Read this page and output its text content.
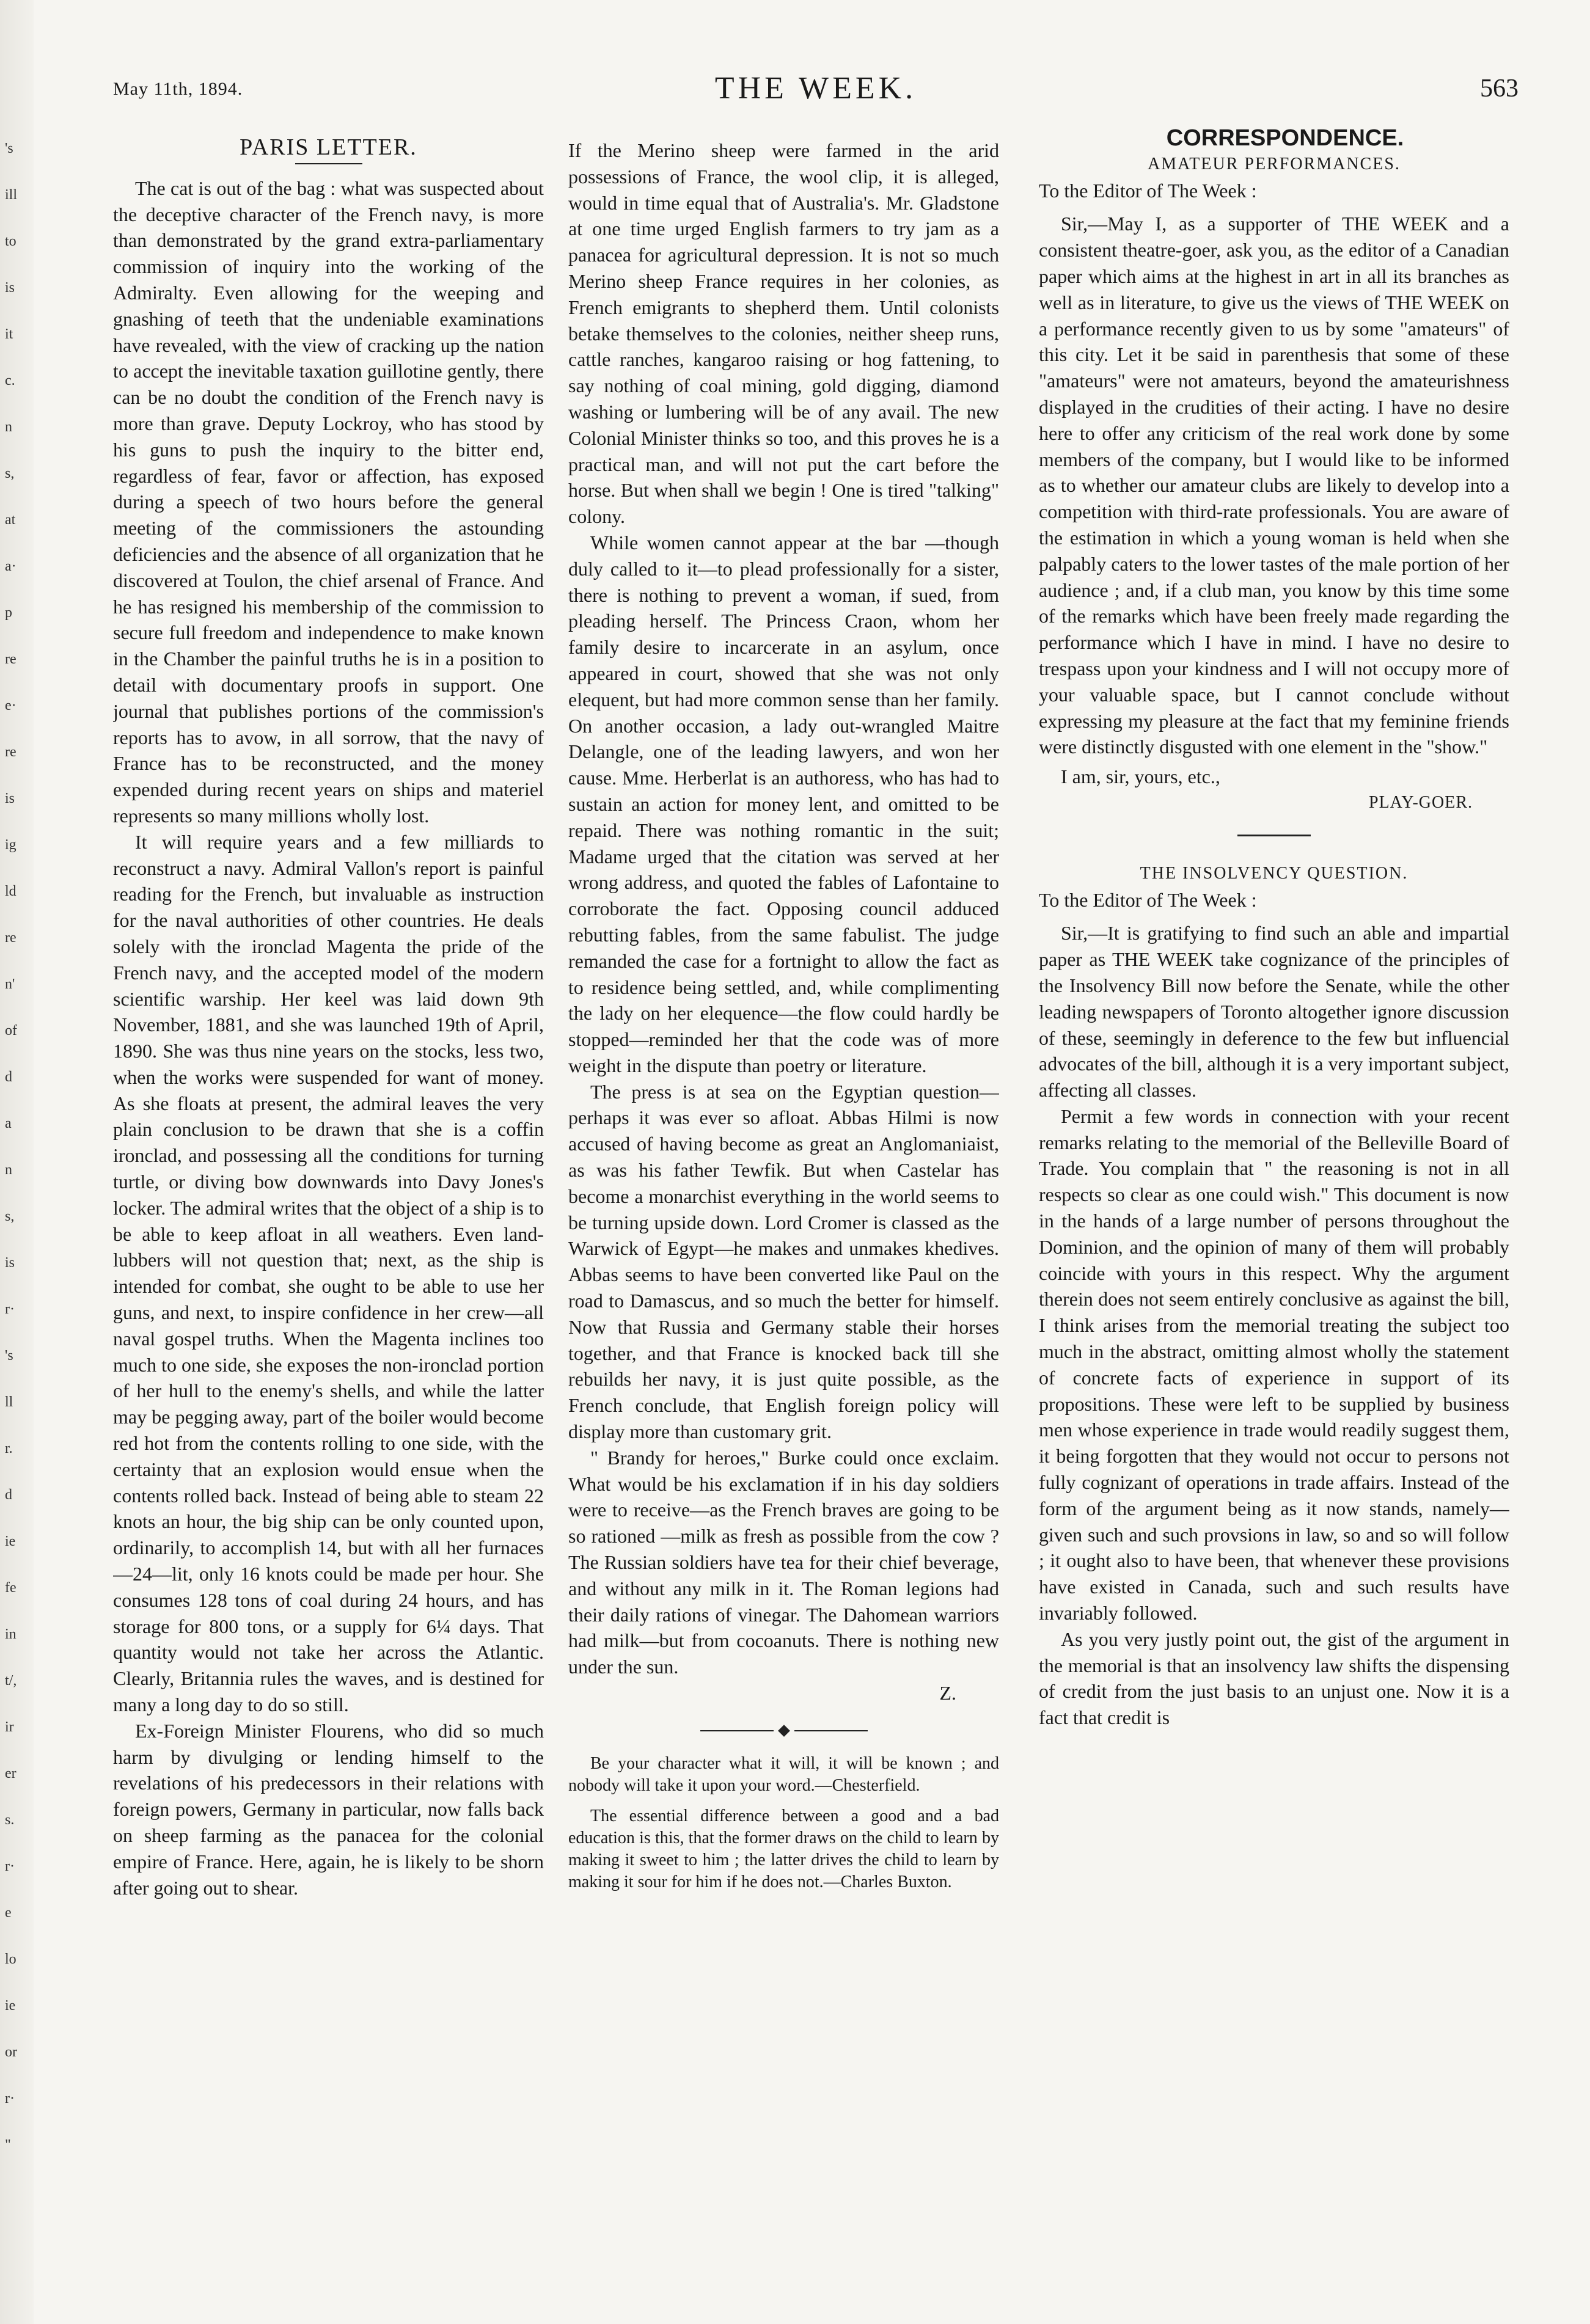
's
ill
to
is
it
c.
n
s,
at
a·
p
re
e·
re
is
ig
ld
re
n'
of
d
a
n
s,
is
r·
's
ll
r.
d
ie
fe
in
t/,
ir
er
s.
r·
e
lo
ie
or
r·
"
May 11th, 1894.	THE WEEK.	563

PARIS LETTER.

The cat is out of the bag : what was suspected about the deceptive character of the French navy, is more than demonstrated by the grand extra-parliamentary commission of inquiry into the working of the Admiralty. Even allowing for the weeping and gnashing of teeth that the undeniable examinations have revealed, with the view of cracking up the nation to accept the inevitable taxation guillotine gently, there can be no doubt the condition of the French navy is more than grave. Deputy Lockroy, who has stood by his guns to push the inquiry to the bitter end, regardless of fear, favor or affection, has exposed during a speech of two hours before the general meeting of the commissioners the astounding deficiencies and the absence of all organization that he discovered at Toulon, the chief arsenal of France. And he has resigned his membership of the commission to secure full freedom and independence to make known in the Chamber the painful truths he is in a position to detail with documentary proofs in support. One journal that publishes portions of the commission's reports has to avow, in all sorrow, that the navy of France has to be reconstructed, and the money expended during recent years on ships and materiel represents so many millions wholly lost.

It will require years and a few milliards to reconstruct a navy. Admiral Vallon's report is painful reading for the French, but invaluable as instruction for the naval authorities of other countries. He deals solely with the ironclad Magenta the pride of the French navy, and the accepted model of the modern scientific warship. Her keel was laid down 9th November, 1881, and she was launched 19th of April, 1890. She was thus nine years on the stocks, less two, when the works were suspended for want of money. As she floats at present, the admiral leaves the very plain conclusion to be drawn that she is a coffin ironclad, and possessing all the conditions for turning turtle, or diving bow downwards into Davy Jones's locker. The admiral writes that the object of a ship is to be able to keep afloat in all weathers. Even land-lubbers will not question that; next, as the ship is intended for combat, she ought to be able to use her guns, and next, to inspire confidence in her crew—all naval gospel truths. When the Magenta inclines too much to one side, she exposes the non-ironclad portion of her hull to the enemy's shells, and while the latter may be pegging away, part of the boiler would become red hot from the contents rolling to one side, with the certainty that an explosion would ensue when the contents rolled back. Instead of being able to steam 22 knots an hour, the big ship can be only counted upon, ordinarily, to accomplish 14, but with all her furnaces—24—lit, only 16 knots could be made per hour. She consumes 128 tons of coal during 24 hours, and has storage for 800 tons, or a supply for 6¼ days. That quantity would not take her across the Atlantic. Clearly, Britannia rules the waves, and is destined for many a long day to do so still.

Ex-Foreign Minister Flourens, who did so much harm by divulging or lending himself to the revelations of his predecessors in their relations with foreign powers, Germany in particular, now falls back on sheep farming as the panacea for the colonial empire of France. Here, again, he is likely to be shorn after going out to shear.

If the Merino sheep were farmed in the arid possessions of France, the wool clip, it is alleged, would in time equal that of Australia's. Mr. Gladstone at one time urged English farmers to try jam as a panacea for agricultural depression. It is not so much Merino sheep France requires in her colonies, as French emigrants to shepherd them. Until colonists betake themselves to the colonies, neither sheep runs, cattle ranches, kangaroo raising or hog fattening, to say nothing of coal mining, gold digging, diamond washing or lumbering will be of any avail. The new Colonial Minister thinks so too, and this proves he is a practical man, and will not put the cart before the horse. But when shall we begin ! One is tired "talking" colony.

While women cannot appear at the bar —though duly called to it—to plead professionally for a sister, there is nothing to prevent a woman, if sued, from pleading herself. The Princess Craon, whom her family desire to incarcerate in an asylum, once appeared in court, showed that she was not only elequent, but had more common sense than her family. On another occasion, a lady out-wrangled Maitre Delangle, one of the leading lawyers, and won her cause. Mme. Herberlat is an authoress, who has had to sustain an action for money lent, and omitted to be repaid. There was nothing romantic in the suit; Madame urged that the citation was served at her wrong address, and quoted the fables of Lafontaine to corroborate the fact. Opposing council adduced rebutting fables, from the same fabulist. The judge remanded the case for a fortnight to allow the fact as to residence being settled, and, while complimenting the lady on her elequence—the flow could hardly be stopped—reminded her that the code was of more weight in the dispute than poetry or literature.

The press is at sea on the Egyptian question—perhaps it was ever so afloat. Abbas Hilmi is now accused of having become as great an Anglomaniaist, as was his father Tewfik. But when Castelar has become a monarchist everything in the world seems to be turning upside down. Lord Cromer is classed as the Warwick of Egypt—he makes and unmakes khedives. Abbas seems to have been converted like Paul on the road to Damascus, and so much the better for himself. Now that Russia and Germany stable their horses together, and that France is knocked back till she rebuilds her navy, it is just quite possible, as the French conclude, that English foreign policy will display more than customary grit.

" Brandy for heroes," Burke could once exclaim. What would be his exclamation if in his day soldiers were to receive—as the French braves are going to be so rationed —milk as fresh as possible from the cow ? The Russian soldiers have tea for their chief beverage, and without any milk in it. The Roman legions had their daily rations of vinegar. The Dahomean warriors had milk—but from cocoanuts. There is nothing new under the sun.

Z.

Be your character what it will, it will be known ; and nobody will take it upon your word.—Chesterfield.

The essential difference between a good and a bad education is this, that the former draws on the child to learn by making it sweet to him ; the latter drives the child to learn by making it sour for him if he does not.—Charles Buxton.

CORRESPONDENCE.

AMATEUR PERFORMANCES.

To the Editor of The Week :

Sir,—May I, as a supporter of THE WEEK and a consistent theatre-goer, ask you, as the editor of a Canadian paper which aims at the highest in art in all its branches as well as in literature, to give us the views of THE WEEK on a performance recently given to us by some "amateurs" of this city. Let it be said in parenthesis that some of these "amateurs" were not amateurs, beyond the amateurishness displayed in the crudities of their acting. I have no desire here to offer any criticism of the real work done by some members of the company, but I would like to be informed as to whether our amateur clubs are likely to develop into a competition with third-rate professionals. You are aware of the estimation in which a young woman is held when she palpably caters to the lower tastes of the male portion of her audience ; and, if a club man, you know by this time some of the remarks which have been freely made regarding the performance which I have in mind. I have no desire to trespass upon your kindness and I will not occupy more of your valuable space, but I cannot conclude without expressing my pleasure at the fact that my feminine friends were distinctly disgusted with one element in the "show."

I am, sir, yours, etc.,

PLAY-GOER.

THE INSOLVENCY QUESTION.

To the Editor of The Week :

Sir,—It is gratifying to find such an able and impartial paper as THE WEEK take cognizance of the principles of the Insolvency Bill now before the Senate, while the other leading newspapers of Toronto altogether ignore discussion of these, seemingly in deference to the few but influencial advocates of the bill, although it is a very important subject, affecting all classes.

Permit a few words in connection with your recent remarks relating to the memorial of the Belleville Board of Trade. You complain that " the reasoning is not in all respects so clear as one could wish." This document is now in the hands of a large number of persons throughout the Dominion, and the opinion of many of them will probably coincide with yours in this respect. Why the argument therein does not seem entirely conclusive as against the bill, I think arises from the memorial treating the subject too much in the abstract, omitting almost wholly the statement of concrete facts of experience in support of its propositions. These were left to be supplied by business men whose experience in trade would readily suggest them, it being forgotten that they would not occur to persons not fully cognizant of operations in trade affairs. Instead of the form of the argument being as it now stands, namely— given such and such provsions in law, so and so will follow ; it ought also to have been, that whenever these provisions have existed in Canada, such and such results have invariably followed.

As you very justly point out, the gist of the argument in the memorial is that an insolvency law shifts the dispensing of credit from the just basis to an unjust one. Now it is a fact that credit is
